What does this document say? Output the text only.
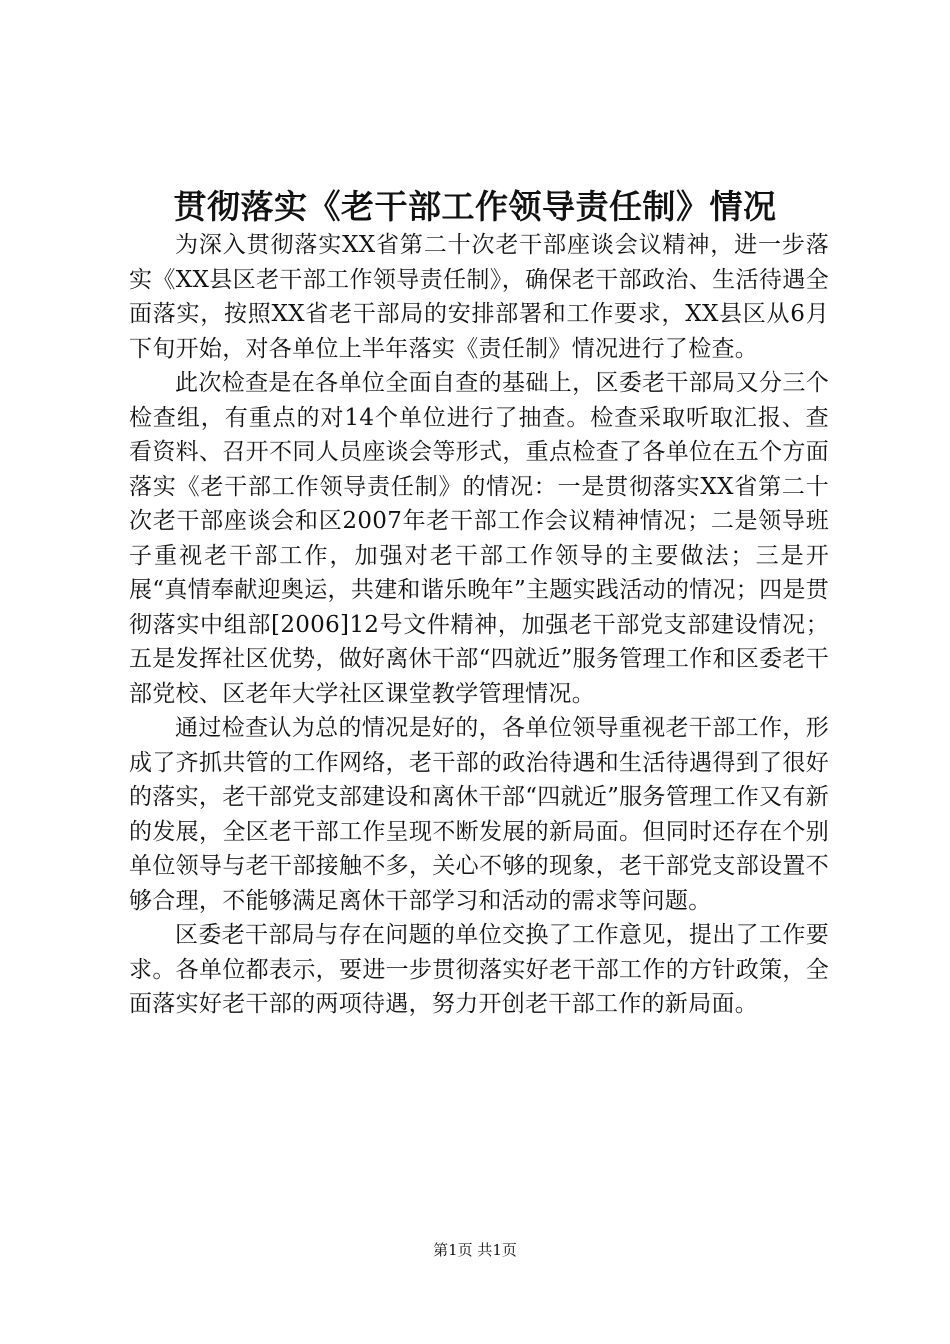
贯彻落实《老干部工作领导责任制》情况

为深入贯彻落实XX省第二十次老干部座谈会议精神，进一步落实《XX县区老干部工作领导责任制》，确保老干部政治、生活待遇全面落实，按照XX省老干部局的安排部署和工作要求，XX县区从6月下旬开始，对各单位上半年落实《责任制》情况进行了检查。

此次检查是在各单位全面自查的基础上，区委老干部局又分三个检查组，有重点的对14个单位进行了抽查。检查采取听取汇报、查看资料、召开不同人员座谈会等形式，重点检查了各单位在五个方面落实《老干部工作领导责任制》的情况：一是贯彻落实XX省第二十次老干部座谈会和区2007年老干部工作会议精神情况；二是领导班子重视老干部工作，加强对老干部工作领导的主要做法；三是开展“真情奉献迎奥运，共建和谐乐晚年”主题实践活动的情况；四是贯彻落实中组部[2006]12号文件精神，加强老干部党支部建设情况；五是发挥社区优势，做好离休干部“四就近”服务管理工作和区委老干部党校、区老年大学社区课堂教学管理情况。

通过检查认为总的情况是好的，各单位领导重视老干部工作，形成了齐抓共管的工作网络，老干部的政治待遇和生活待遇得到了很好的落实，老干部党支部建设和离休干部“四就近”服务管理工作又有新的发展，全区老干部工作呈现不断发展的新局面。但同时还存在个别单位领导与老干部接触不多，关心不够的现象，老干部党支部设置不够合理，不能够满足离休干部学习和活动的需求等问题。

区委老干部局与存在问题的单位交换了工作意见，提出了工作要求。各单位都表示，要进一步贯彻落实好老干部工作的方针政策，全面落实好老干部的两项待遇，努力开创老干部工作的新局面。

第1页 共1页
